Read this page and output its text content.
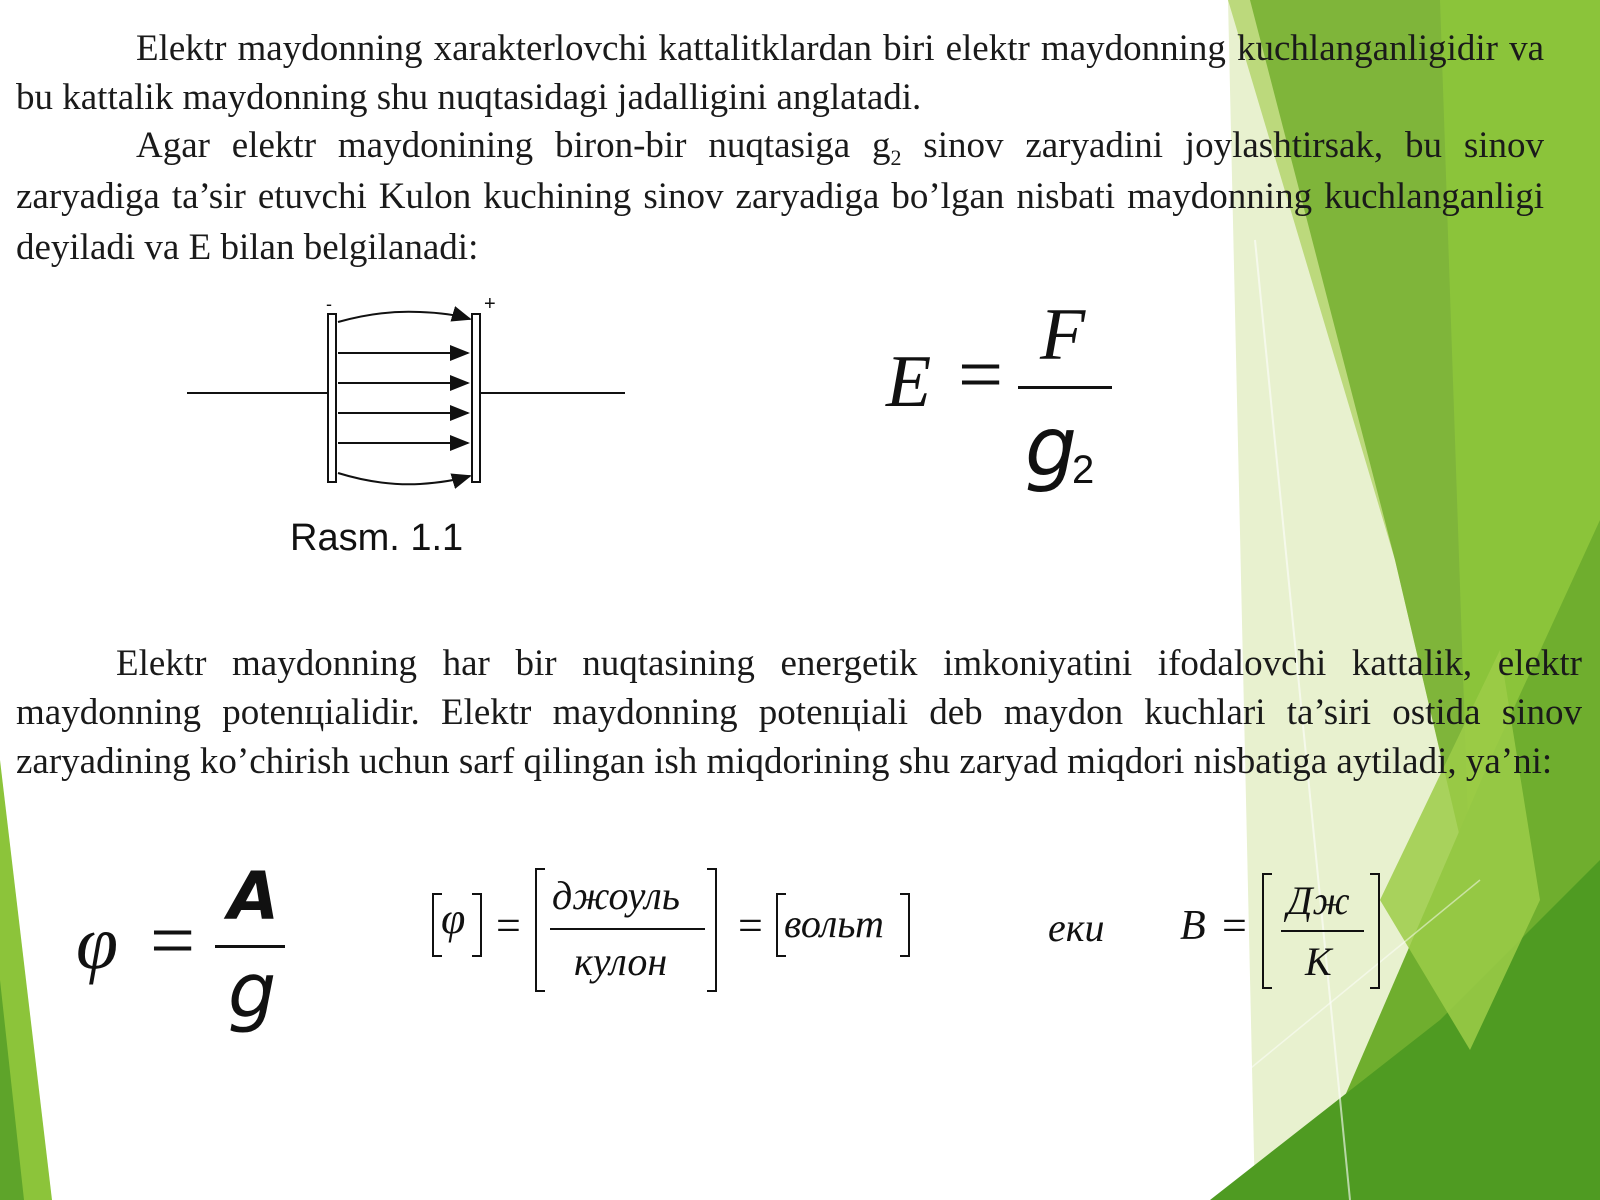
Elektr maydonning xarakterlovchi kattalitklardan biri elektr maydonning kuchlanganligidir va bu kattalik maydonning shu nuqtasidagi jadalligini anglatadi.

Agar elektr maydonining biron-bir nuqtasiga $g_2$ sinov zaryadini joylashtirsak, bu sinov zaryadiga ta’sir etuvchi Kulon kuchining sinov zaryadiga bo’lgan nisbati maydonning kuchlanganligi deyiladi va E bilan belgilanadi:

-	+
Rasm. 1.1
E = F
g
2

Elektr maydonning har bir nuqtasining energetik imkoniyatini ifodalovchi kattalik, elektr maydonning potenцialidir. Elektr maydonning potenцiali deb maydon kuchlari ta’siri ostida sinov zaryadining ko’chirish uchun sarf qilingan ish miqdorining shu zaryad miqdori nisbatiga aytiladi, ya’ni:

φ =
A
g
φ =
джоуль
кулон
= вольт	еки B =
Дж
К
